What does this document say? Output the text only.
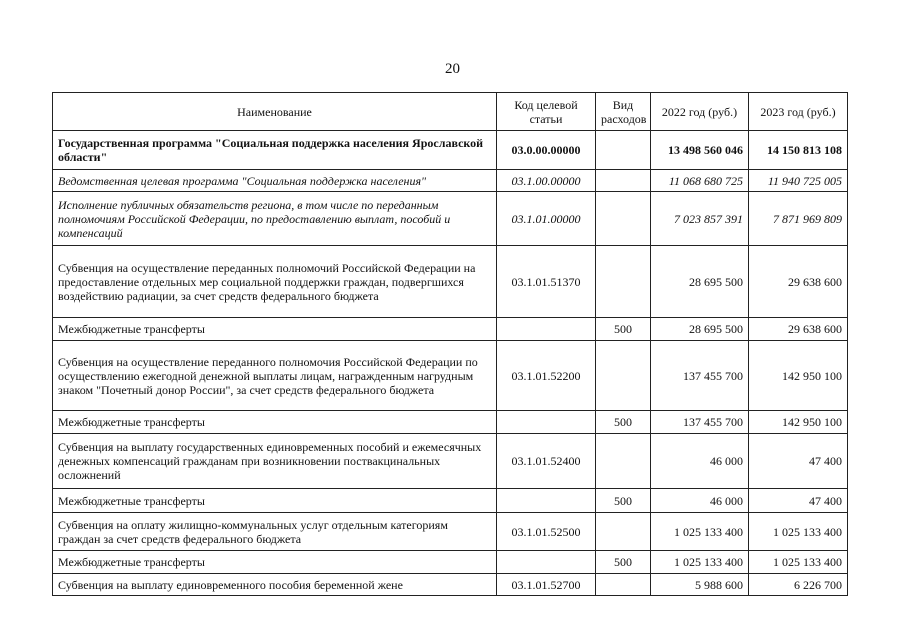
20
Наименование	Код целевой статьи	Вид расходов	2022 год (руб.)	2023 год (руб.)
Государственная программа "Социальная поддержка населения Ярославской области"	03.0.00.00000		13 498 560 046	14 150 813 108
Ведомственная целевая программа "Социальная поддержка населения"	03.1.00.00000		11 068 680 725	11 940 725 005
Исполнение публичных обязательств региона, в том числе по переданным полномочиям Российской Федерации, по предоставлению выплат, пособий и компенсаций	03.1.01.00000		7 023 857 391	7 871 969 809
Субвенция на осуществление переданных полномочий Российской Федерации на предоставление отдельных мер социальной поддержки граждан, подвергшихся воздействию радиации, за счет средств федерального бюджета	03.1.01.51370		28 695 500	29 638 600
Межбюджетные трансферты		500	28 695 500	29 638 600
Субвенция на осуществление переданного полномочия Российской Федерации по осуществлению ежегодной денежной выплаты лицам, награжденным нагрудным знаком "Почетный донор России", за счет средств федерального бюджета	03.1.01.52200		137 455 700	142 950 100
Межбюджетные трансферты		500	137 455 700	142 950 100
Субвенция на выплату государственных единовременных пособий и ежемесячных денежных компенсаций гражданам при возникновении поствакцинальных осложнений	03.1.01.52400		46 000	47 400
Межбюджетные трансферты		500	46 000	47 400
Субвенция на оплату жилищно-коммунальных услуг отдельным категориям граждан за счет средств федерального бюджета	03.1.01.52500		1 025 133 400	1 025 133 400
Межбюджетные трансферты		500	1 025 133 400	1 025 133 400
Субвенция на выплату единовременного пособия беременной жене	03.1.01.52700		5 988 600	6 226 700
